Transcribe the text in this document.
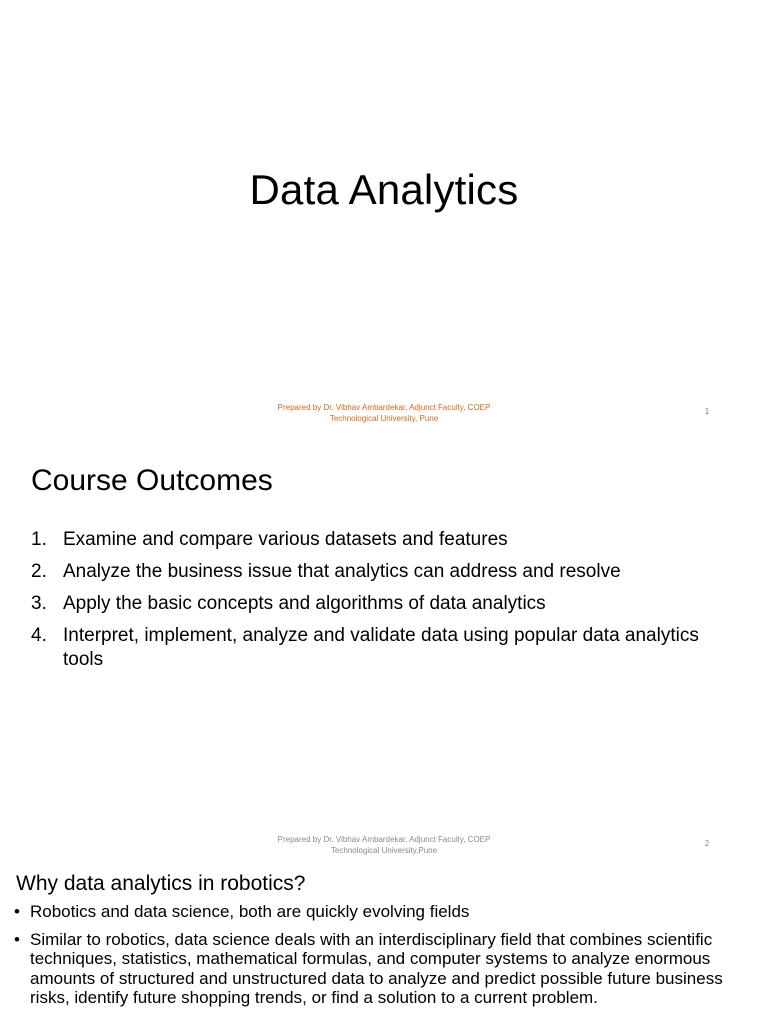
Data Analytics
Prepared by Dr. Vibhav Ambardekar, Adjunct Faculty, COEP
Technological University, Pune
1
Course Outcomes
1. Examine and compare various datasets and features
2. Analyze the business issue that analytics can address and resolve
3. Apply the basic concepts and algorithms of data analytics
4. Interpret, implement, analyze and validate data using popular data analytics tools
Prepared by Dr. Vibhav Ambardekar, Adjunct Faculty, COEP
Technological University,Pune
2
Why data analytics in robotics?
• Robotics and data science, both are quickly evolving fields
• Similar to robotics, data science deals with an interdisciplinary field that combines scientific techniques, statistics, mathematical formulas, and computer systems to analyze enormous amounts of structured and unstructured data to analyze and predict possible future business risks, identify future shopping trends, or find a solution to a current problem.
